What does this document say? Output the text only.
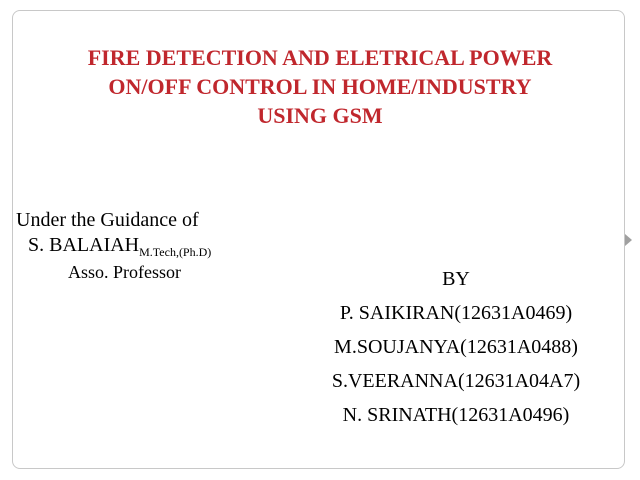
FIRE DETECTION AND ELETRICAL POWER
ON/OFF CONTROL IN HOME/INDUSTRY
USING GSM
Under the Guidance of
S. $BALAIAH_{M.Tech,(Ph.D)}$
Asso. Professor	BY
P. SAIKIRAN(12631A0469)
M.SOUJANYA(12631A0488)
S.VEERANNA(12631A04A7)
N. SRINATH(12631A0496)
